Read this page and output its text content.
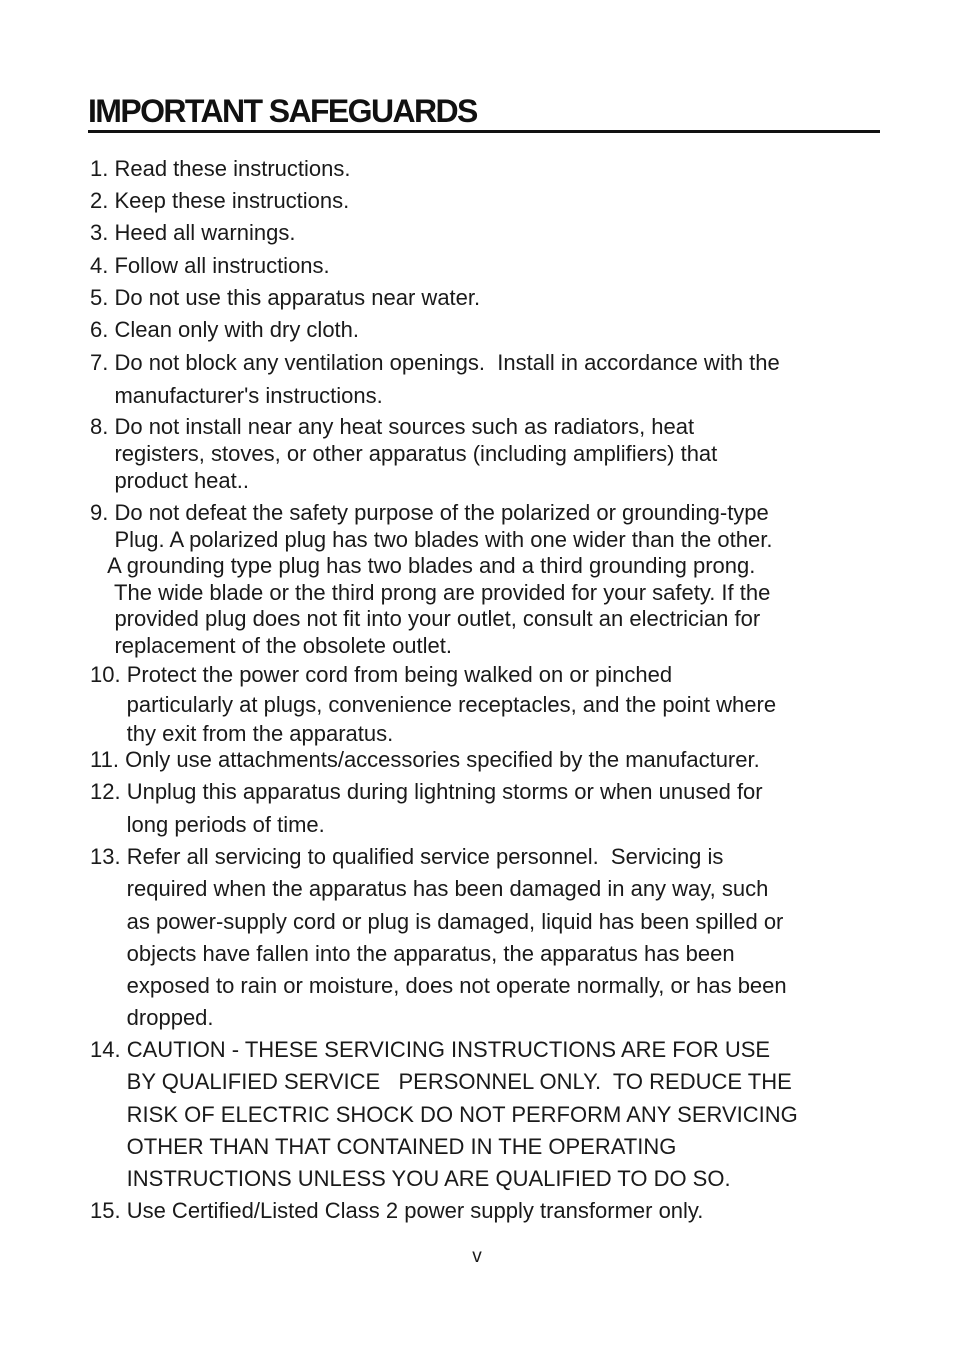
IMPORTANT SAFEGUARDS
1. Read these instructions.
2. Keep these instructions.
3. Heed all warnings.
4. Follow all instructions.
5. Do not use this apparatus near water.
6. Clean only with dry cloth.
7. Do not block any ventilation openings.  Install in accordance with the
manufacturer's instructions.
8. Do not install near any heat sources such as radiators, heat
registers, stoves, or other apparatus (including amplifiers) that
product heat..
9. Do not defeat the safety purpose of the polarized or grounding-type
Plug. A polarized plug has two blades with one wider than the other.
A grounding type plug has two blades and a third grounding prong.
The wide blade or the third prong are provided for your safety. If the
provided plug does not fit into your outlet, consult an electrician for
replacement of the obsolete outlet.
10. Protect the power cord from being walked on or pinched
particularly at plugs, convenience receptacles, and the point where
thy exit from the apparatus.
11. Only use attachments/accessories specified by the manufacturer.
12. Unplug this apparatus during lightning storms or when unused for
long periods of time.
13. Refer all servicing to qualified service personnel.  Servicing is
required when the apparatus has been damaged in any way, such
as power-supply cord or plug is damaged, liquid has been spilled or
objects have fallen into the apparatus, the apparatus has been
exposed to rain or moisture, does not operate normally, or has been
dropped.
14. CAUTION - THESE SERVICING INSTRUCTIONS ARE FOR USE
BY QUALIFIED SERVICE   PERSONNEL ONLY.  TO REDUCE THE
RISK OF ELECTRIC SHOCK DO NOT PERFORM ANY SERVICING
OTHER THAN THAT CONTAINED IN THE OPERATING
INSTRUCTIONS UNLESS YOU ARE QUALIFIED TO DO SO.
15. Use Certified/Listed Class 2 power supply transformer only.
v
